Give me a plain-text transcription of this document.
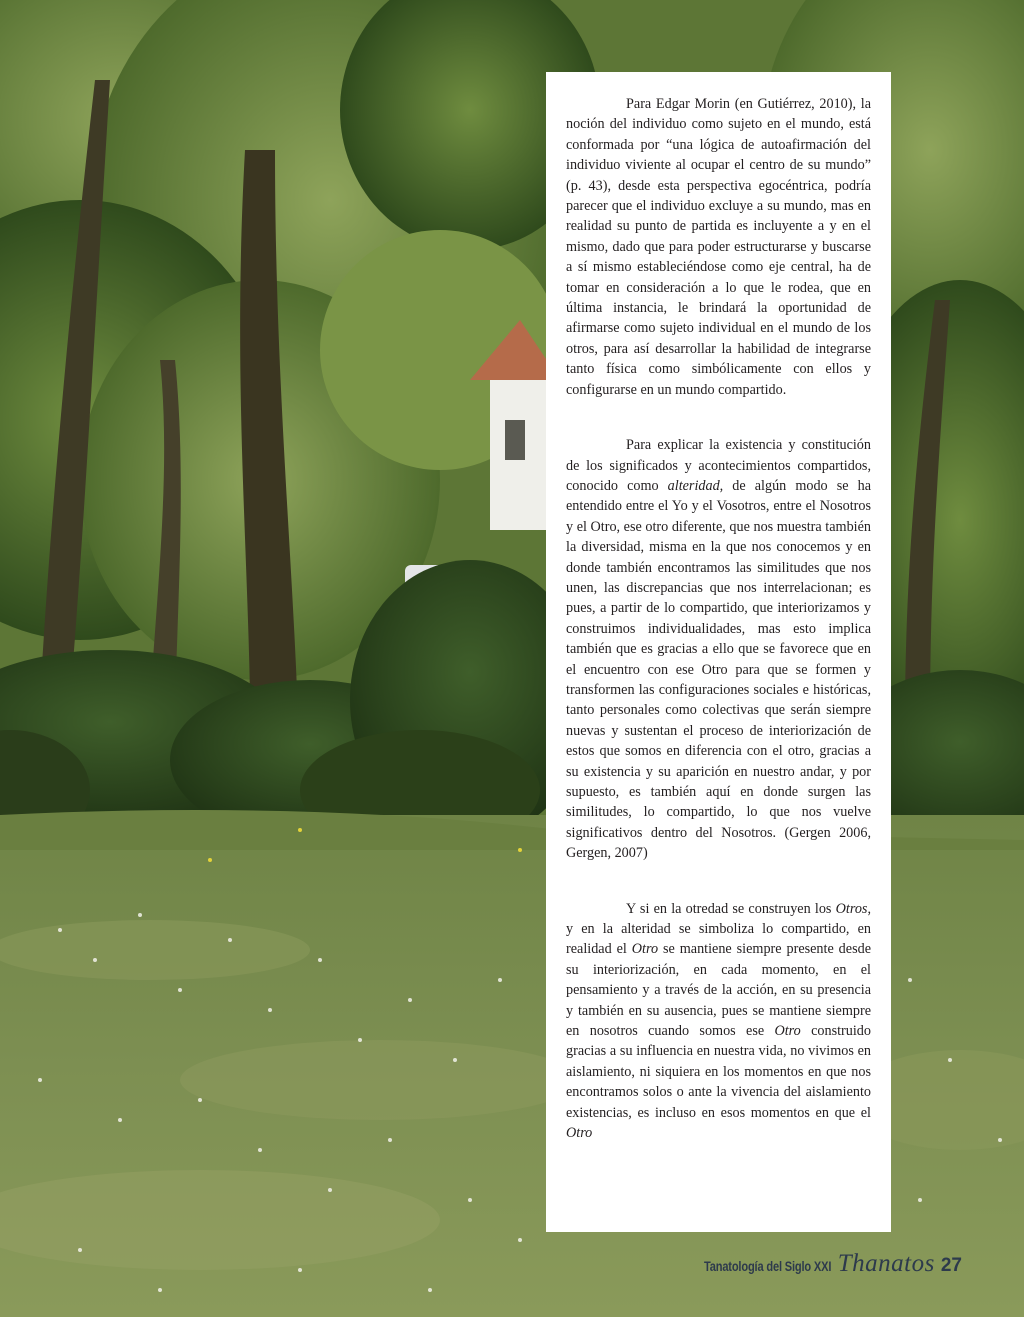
Para Edgar Morin (en Gutiérrez, 2010), la noción del individuo como sujeto en el mundo, está conformada por “una lógica de autoafirmación del individuo viviente al ocupar el centro de su mundo” (p. 43), desde esta perspectiva egocéntrica, podría parecer que el individuo excluye a su mundo, mas en realidad su punto de partida es incluyente a y en el mismo, dado que para poder estructurarse y buscarse a sí mismo estableciéndose como eje central, ha de tomar en consideración a lo que le rodea, que en última instancia, le brindará la oportunidad de afirmarse como sujeto individual en el mundo de los otros, para así desarrollar la habilidad de integrarse tanto física como simbólicamente con ellos y configurarse en un mundo compartido.

Para explicar la existencia y constitución de los significados y acontecimientos compartidos, conocido como alteridad, de algún modo se ha entendido entre el Yo y el Vosotros, entre el Nosotros y el Otro, ese otro diferente, que nos muestra también la diversidad, misma en la que nos conocemos y en donde también encontramos las similitudes que nos unen, las discrepancias que nos interrelacionan; es pues, a partir de lo compartido, que interiorizamos y construimos individualidades, mas esto implica también que es gracias a ello que se favorece que en el encuentro con ese Otro para que se formen y transformen las configuraciones sociales e históricas, tanto personales como colectivas que serán siempre nuevas y sustentan el proceso de interiorización de estos que somos en diferencia con el otro, gracias a su existencia y su aparición en nuestro andar, y por supuesto, es también aquí en donde surgen las similitudes, lo compartido, lo que nos vuelve significativos dentro del Nosotros. (Gergen 2006, Gergen, 2007)

Y si en la otredad se construyen los Otros, y en la alteridad se simboliza lo compartido, en realidad el Otro se mantiene siempre presente desde su interiorización, en cada momento, en el pensamiento y a través de la acción, en su presencia y también en su ausencia, pues se mantiene siempre en nosotros cuando somos ese Otro construido gracias a su influencia en nuestra vida, no vivimos en aislamiento, ni siquiera en los momentos en que nos encontramos solos o ante la vivencia del aislamiento existencias, es incluso en esos momentos en que el Otro

Tanatología del Siglo XXI Thanatos 27
